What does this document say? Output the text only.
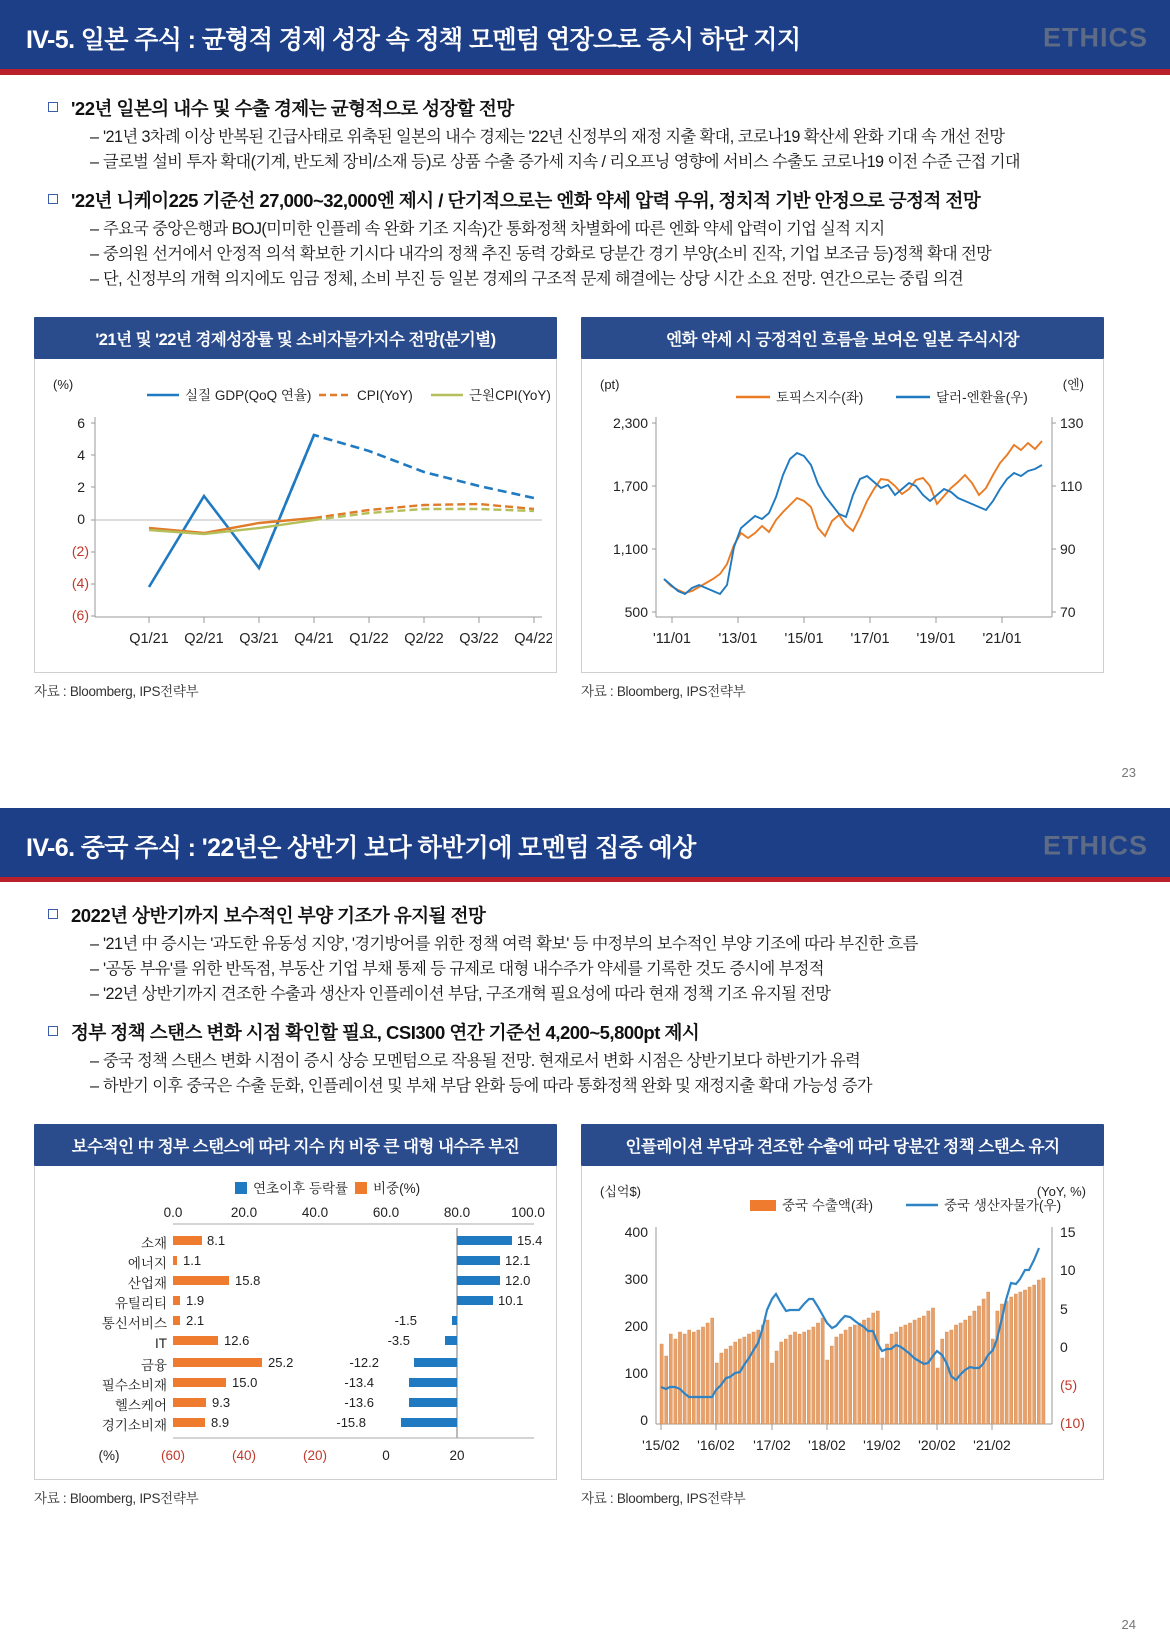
IV-5. 일본 주식 : 균형적 경제 성장 속 정책 모멘텀 연장으로 증시 하단 지지	ETHICS
'22년 일본의 내수 및 수출 경제는 균형적으로 성장할 전망
– '21년 3차례 이상 반복된 긴급사태로 위축된 일본의 내수 경제는 '22년 신정부의 재정 지출 확대, 코로나19 확산세 완화 기대 속 개선 전망
– 글로벌 설비 투자 확대(기계, 반도체 장비/소재 등)로 상품 수출 증가세 지속 / 리오프닝 영향에 서비스 수출도 코로나19 이전 수준 근접 기대
'22년 니케이225 기준선 27,000~32,000엔 제시 / 단기적으로는 엔화 약세 압력 우위, 정치적 기반 안정으로 긍정적 전망
– 주요국 중앙은행과 BOJ(미미한 인플레 속 완화 기조 지속)간 통화정책 차별화에 따른 엔화 약세 압력이 기업 실적 지지
– 중의원 선거에서 안정적 의석 확보한 기시다 내각의 정책 추진 동력 강화로 당분간 경기 부양(소비 진작, 기업 보조금 등)정책 확대 전망
– 단, 신정부의 개혁 의지에도 임금 정체, 소비 부진 등 일본 경제의 구조적 문제 해결에는 상당 시간 소요 전망. 연간으로는 중립 의견
'21년 및 '22년 경제성장률 및 소비자물가지수 전망(분기별)
(%)
실질 GDP(QoQ 연율)	CPI(YoY)	근원CPI(YoY)
6
4
2
0
(2)
(4)
(6)
Q1/21 Q2/21 Q3/21 Q4/21 Q1/22 Q2/22 Q3/22 Q4/22
자료 : Bloomberg, IPS전략부
엔화 약세 시 긍정적인 흐름을 보여온 일본 주식시장
(pt)	(엔)
토픽스지수(좌)	달러-엔환율(우)
2,300
1,700
1,100
500
130
110
90
70
'11/01 '13/01 '15/01 '17/01 '19/01 '21/01
자료 : Bloomberg, IPS전략부
23
IV-6. 중국 주식 : '22년은 상반기 보다 하반기에 모멘텀 집중 예상	ETHICS
2022년 상반기까지 보수적인 부양 기조가 유지될 전망
– '21년 中 증시는 '과도한 유동성 지양', '경기방어를 위한 정책 여력 확보' 등 中정부의 보수적인 부양 기조에 따라 부진한 흐름
– '공동 부유'를 위한 반독점, 부동산 기업 부채 통제 등 규제로 대형 내수주가 약세를 기록한 것도 증시에 부정적
– '22년 상반기까지 견조한 수출과 생산자 인플레이션 부담, 구조개혁 필요성에 따라 현재 정책 기조 유지될 전망
정부 정책 스탠스 변화 시점 확인할 필요, CSI300 연간 기준선 4,200~5,800pt 제시
– 중국 정책 스탠스 변화 시점이 증시 상승 모멘텀으로 작용될 전망. 현재로서 변화 시점은 상반기보다 하반기가 유력
– 하반기 이후 중국은 수출 둔화, 인플레이션 및 부채 부담 완화 등에 따라 통화정책 완화 및 재정지출 확대 가능성 증가
보수적인 中 정부 스탠스에 따라 지수 内 비중 큰 대형 내수주 부진
연초이후 등락률 비중(%)
0.0	20.0	40.0	60.0	80.0	100.0
소재
에너지
산업재
유틸리티
통신서비스
IT
금융
필수소비재
헬스케어
경기소비재
8.1
1.1
15.8
1.9
2.1
12.6
25.2
15.0
9.3
8.9
15.4
12.1
12.0
10.1
-1.5
-3.5
-12.2
-13.4
-13.6
-15.8
(%)	(60)	(40)	(20)	0	20
자료 : Bloomberg, IPS전략부
인플레이션 부담과 견조한 수출에 따라 당분간 정책 스탠스 유지
(십억$)	(YoY, %)
중국 수출액(좌)	중국 생산자물가(우)
400
300
200
100
0
15
10
5
0
(5)
(10)
'15/02 '16/02 '17/02 '18/02 '19/02 '20/02 '21/02
자료 : Bloomberg, IPS전략부
24
